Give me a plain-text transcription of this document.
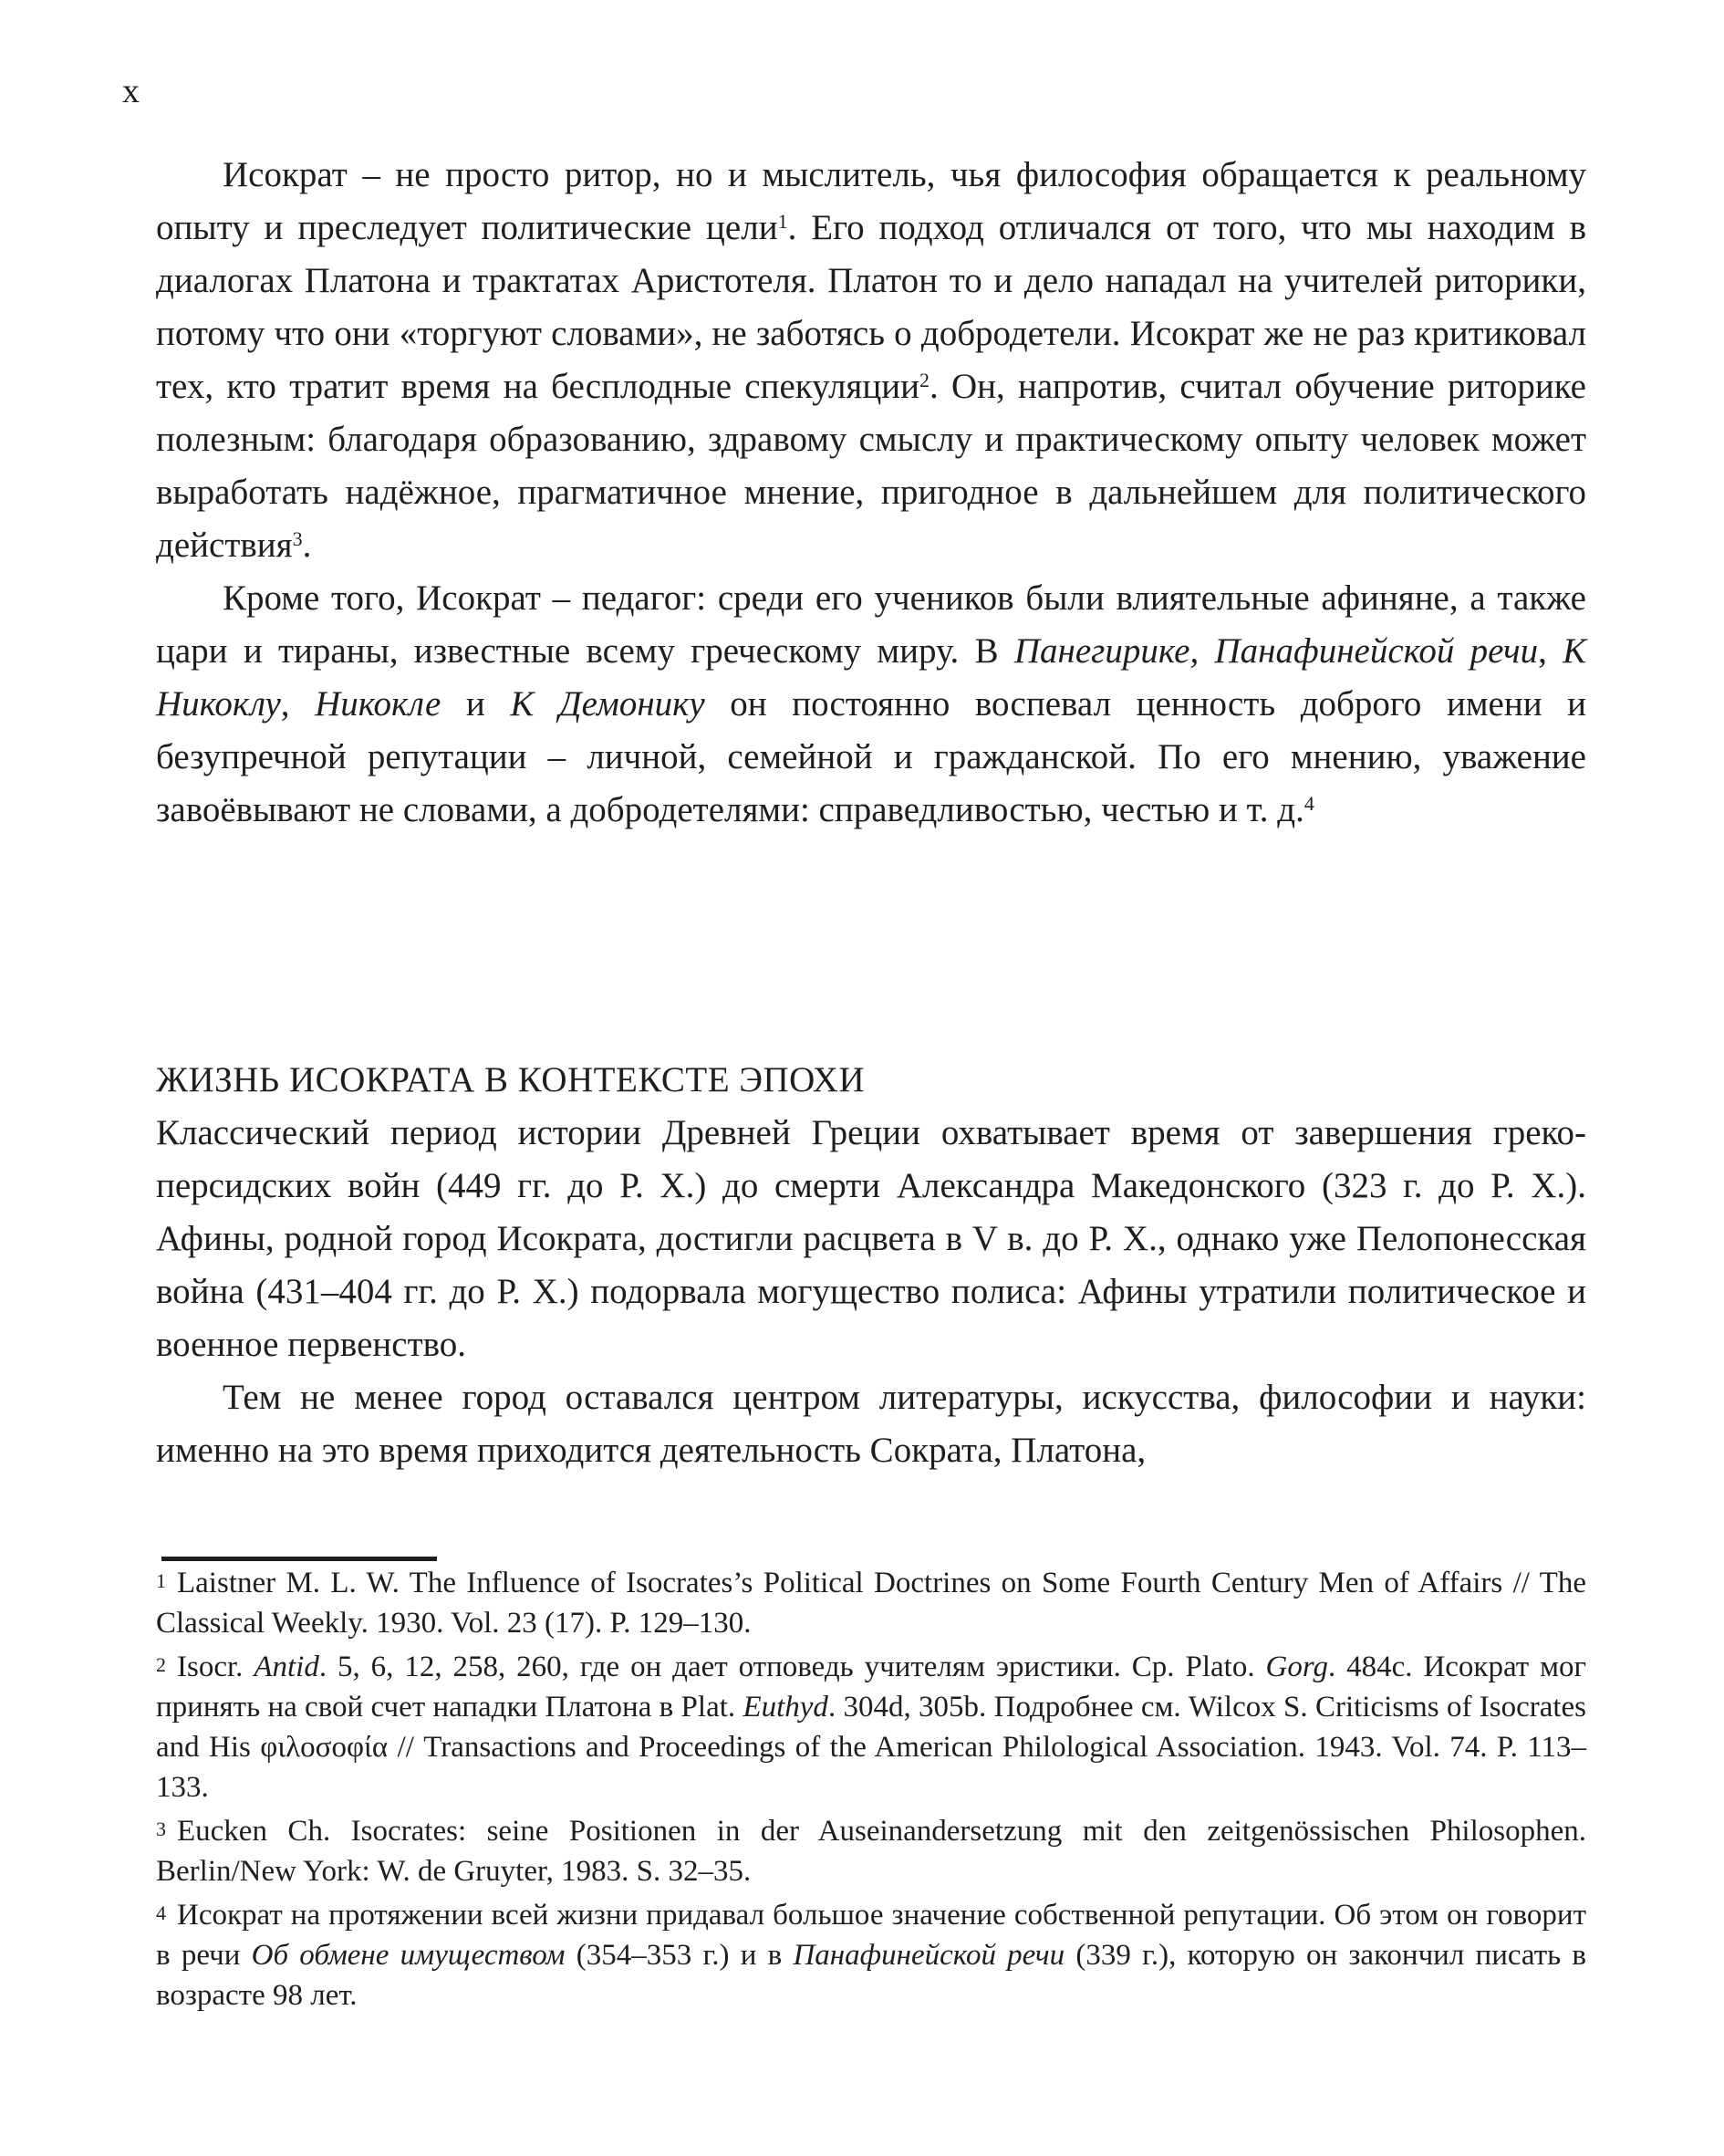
x

Исократ – не просто ритор, но и мыслитель, чья философия обращается к реальному опыту и преследует политические цели$^1$. Его подход отличался от того, что мы находим в диалогах Платона и трактатах Аристотеля. Платон то и дело нападал на учителей риторики, потому что они «торгуют словами», не заботясь о добродетели. Исократ же не раз критиковал тех, кто тратит время на бесплодные спекуляции$^2$. Он, напротив, считал обучение риторике полезным: благодаря образованию, здравому смыслу и практическому опыту человек может выработать надёжное, прагматичное мнение, пригодное в дальнейшем для политического действия$^3$.

Кроме того, Исократ – педагог: среди его учеников были влиятельные афиняне, а также цари и тираны, известные всему греческому миру. В Панегирике, Панафинейской речи, К Никоклу, Никокле и К Демонику он постоянно воспевал ценность доброго имени и безупречной репутации – личной, семейной и гражданской. По его мнению, уважение завоёвывают не словами, а добродетелями: справедливостью, честью и т. д.$^4$

ЖИЗНЬ ИСОКРАТА В КОНТЕКСТЕ ЭПОХИ

Классический период истории Древней Греции охватывает время от завершения греко-персидских войн (449 гг. до Р. Х.) до смерти Александра Македонского (323 г. до Р. Х.). Афины, родной город Исократа, достигли расцвета в V в. до Р. Х., однако уже Пелопонесская война (431–404 гг. до Р. Х.) подорвала могущество полиса: Афины утратили политическое и военное первенство.

Тем не менее город оставался центром литературы, искусства, философии и науки: именно на это время приходится деятельность Сократа, Платона,

$^1$ Laistner M. L. W. The Influence of Isocrates’s Political Doctrines on Some Fourth Century Men of Affairs // The Classical Weekly. 1930. Vol. 23 (17). P. 129–130.
$^2$ Isocr. Antid. 5, 6, 12, 258, 260, где он дает отповедь учителям эристики. Ср. Plato. Gorg. 484c. Исократ мог принять на свой счет нападки Платона в Plat. Euthyd. 304d, 305b. Подробнее см. Wilcox S. Criticisms of Isocrates and His φιλοσοφία // Transactions and Proceedings of the American Philological Association. 1943. Vol. 74. P. 113–133.
$^3$ Eucken Ch. Isocrates: seine Positionen in der Auseinandersetzung mit den zeitgenössischen Philosophen. Berlin/New York: W. de Gruyter, 1983. S. 32–35.
$^4$ Исократ на протяжении всей жизни придавал большое значение собственной репутации. Об этом он говорит в речи Об обмене имуществом (354–353 г.) и в Панафинейской речи (339 г.), которую он закончил писать в возрасте 98 лет.
